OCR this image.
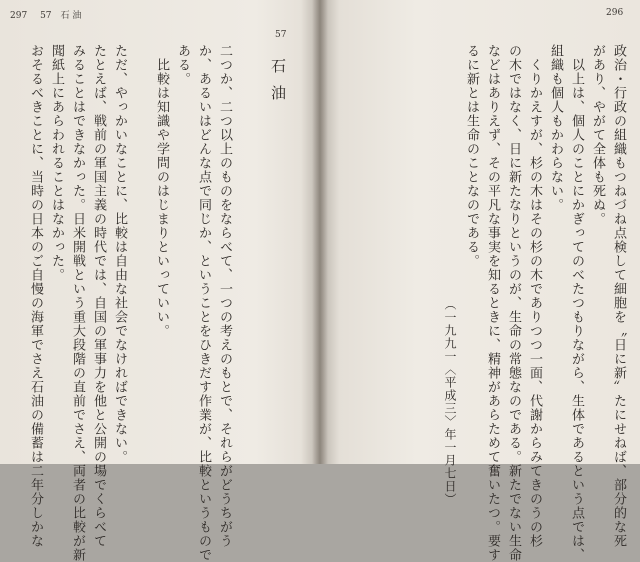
297 57　石 油
57
石油
二つか、二つ以上のものをならべて、一つの考えのもとで、それらがどうちがう
か、あるいはどんな点で同じか、ということをひきだす作業が、比較というもので
ある。
　比較は知識や学問のはじまりといっていい。
ただ、やっかいなことに、比較は自由な社会でなければできない。
たとえば、戦前の軍国主義の時代では、自国の軍事力を他と公開の場でくらべて
みることはできなかった。日米開戦という重大段階の直前でさえ、両者の比較が新
聞紙上にあらわれることはなかった。
おそるべきことに、当時の日本のご自慢の海軍でさえ石油の備蓄は二年分しかな
296
政治・行政の組織もつねづね点検して細胞を〝日に新〟たにせねば、部分的な死
があり、やがて全体も死ぬ。
　以上は、個人のことにかぎってのべたつもりながら、生体であるという点では、
組織も個人もかわらない。
　くりかえすが、杉の木はその杉の木でありつつ一面、代謝からみてきのうの杉
の木ではなく、日に新たなりというのが、生命の常態なのである。新たでない生命
などはありえず、その平凡な事実を知るときに、精神があらためて奮いたつ。要す
るに新とは生命のことなのである。
（一九九一〈平成三〉年一月七日）
